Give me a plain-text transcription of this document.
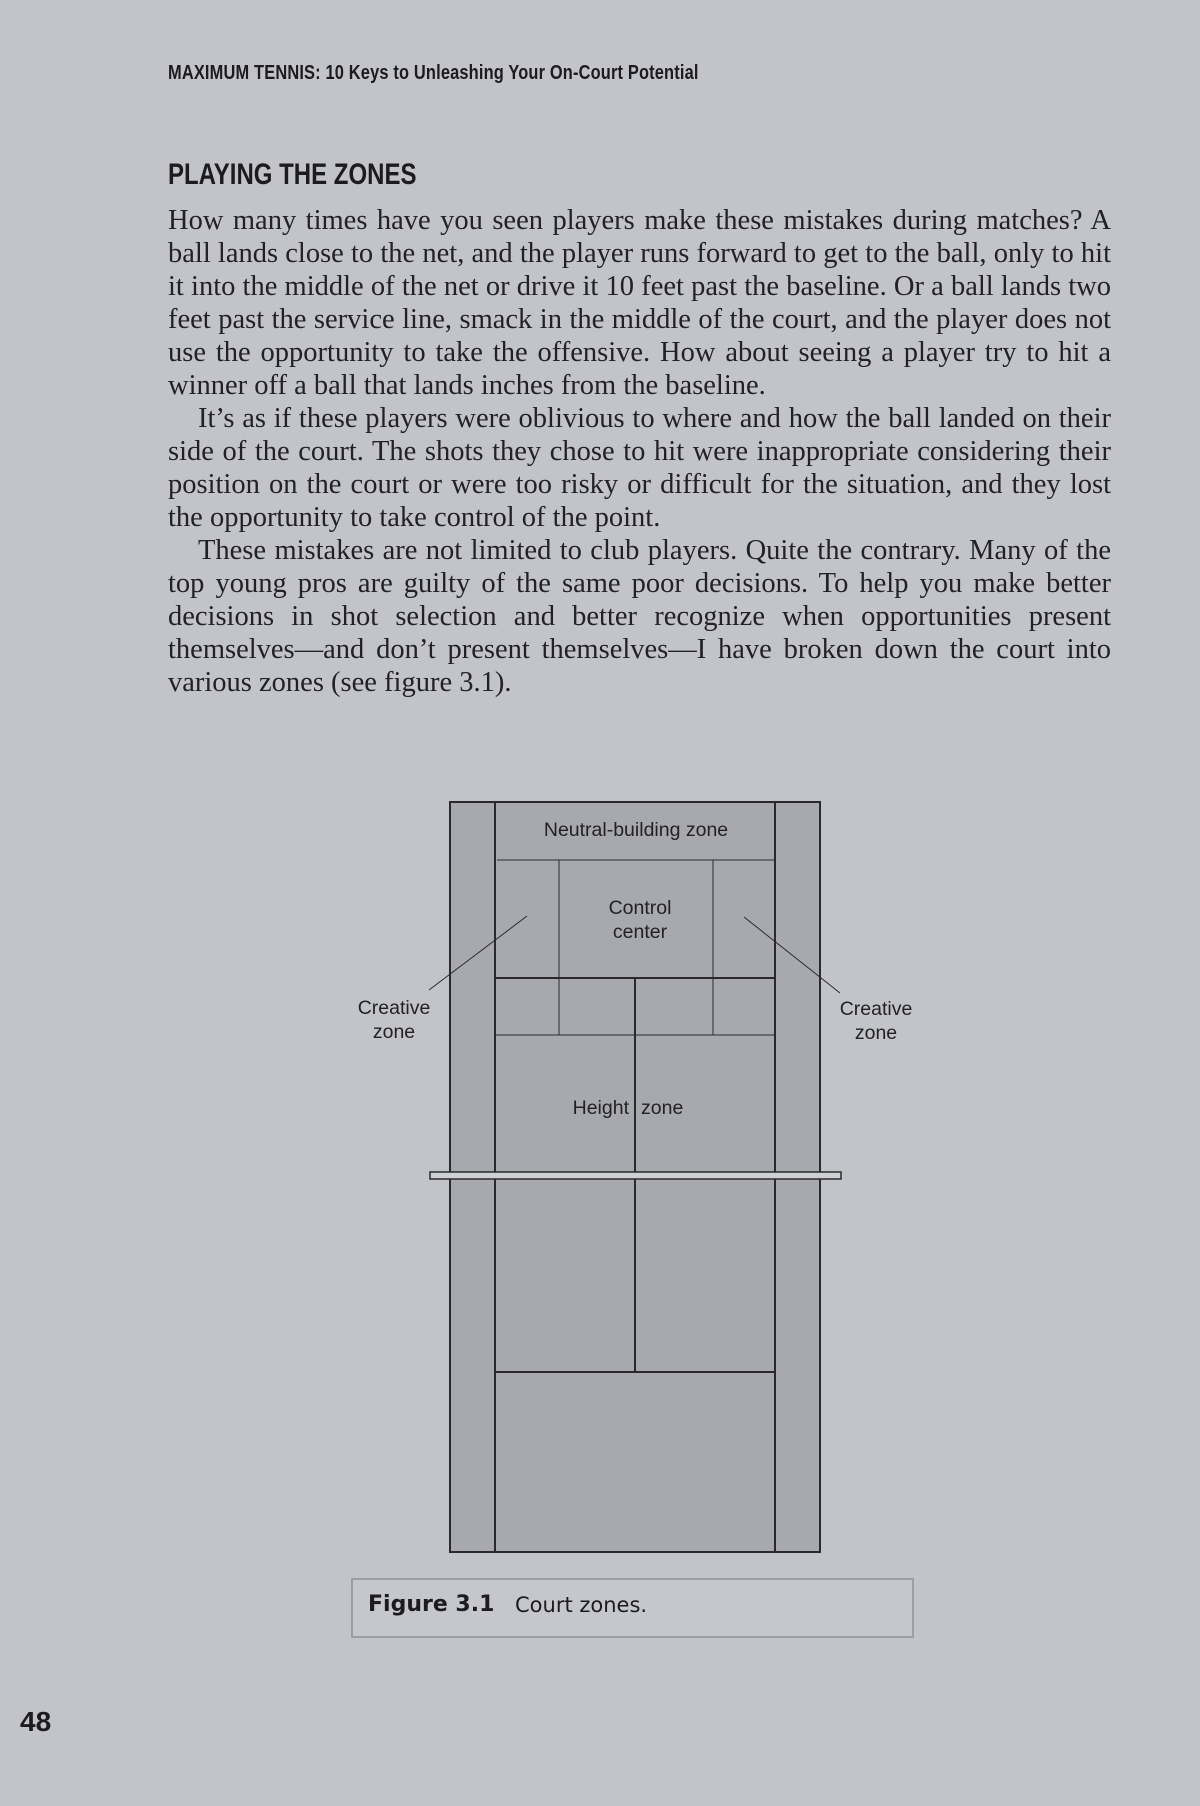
MAXIMUM TENNIS: 10 Keys to Unleashing Your On-Court Potential
PLAYING THE ZONES

How many times have you seen players make these mistakes during matches? A ball lands close to the net, and the player runs forward to get to the ball, only to hit it into the middle of the net or drive it 10 feet past the baseline. Or a ball lands two feet past the service line, smack in the middle of the court, and the player does not use the opportunity to take the offensive. How about seeing a player try to hit a winner off a ball that lands inches from the baseline.

It’s as if these players were oblivious to where and how the ball landed on their side of the court. The shots they chose to hit were inappropriate considering their position on the court or were too risky or difficult for the situation, and they lost the opportunity to take control of the point.

These mistakes are not limited to club players. Quite the contrary. Many of the top young pros are guilty of the same poor decisions. To help you make better decisions in shot selection and better recognize when opportunities present themselves—and don’t present themselves—I have broken down the court into various zones (see figure 3.1).

Neutral-building zone
Control
center
Creative
zone
Creative
zone
Height zone
Figure 3.1 Court zones.
48
